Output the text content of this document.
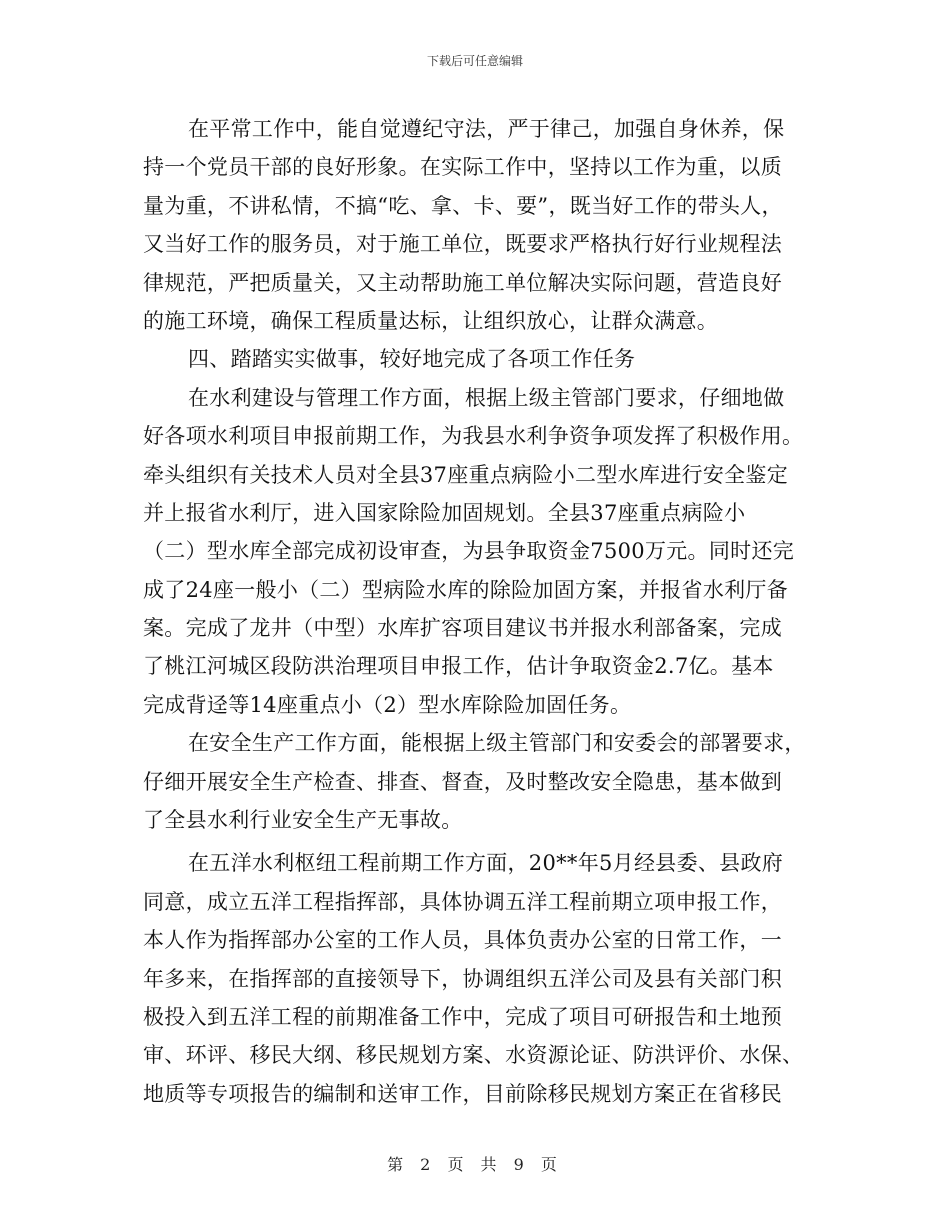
下载后可任意编辑
在平常工作中，能自觉遵纪守法，严于律己，加强自身休养，保
持一个党员干部的良好形象。在实际工作中，坚持以工作为重，以质
量为重，不讲私情，不搞“吃、拿、卡、要”，既当好工作的带头人，
又当好工作的服务员，对于施工单位，既要求严格执行好行业规程法
律规范，严把质量关，又主动帮助施工单位解决实际问题，营造良好
的施工环境，确保工程质量达标，让组织放心，让群众满意。
四、踏踏实实做事，较好地完成了各项工作任务
在水利建设与管理工作方面，根据上级主管部门要求，仔细地做
好各项水利项目申报前期工作，为我县水利争资争项发挥了积极作用。
牵头组织有关技术人员对全县37座重点病险小二型水库进行安全鉴定
并上报省水利厅，进入国家除险加固规划。全县37座重点病险小
（二）型水库全部完成初设审查，为县争取资金7500万元。同时还完
成了24座一般小（二）型病险水库的除险加固方案，并报省水利厅备
案。完成了龙井（中型）水库扩容项目建议书并报水利部备案，完成
了桃江河城区段防洪治理项目申报工作，估计争取资金2.7亿。基本
完成背迳等14座重点小（2）型水库除险加固任务。
在安全生产工作方面，能根据上级主管部门和安委会的部署要求，
仔细开展安全生产检查、排查、督查，及时整改安全隐患，基本做到
了全县水利行业安全生产无事故。
在五洋水利枢纽工程前期工作方面，20**年5月经县委、县政府
同意，成立五洋工程指挥部，具体协调五洋工程前期立项申报工作，
本人作为指挥部办公室的工作人员，具体负责办公室的日常工作，一
年多来，在指挥部的直接领导下，协调组织五洋公司及县有关部门积
极投入到五洋工程的前期准备工作中，完成了项目可研报告和土地预
审、环评、移民大纲、移民规划方案、水资源论证、防洪评价、水保、
地质等专项报告的编制和送审工作，目前除移民规划方案正在省移民
第 2 页 共 9 页
